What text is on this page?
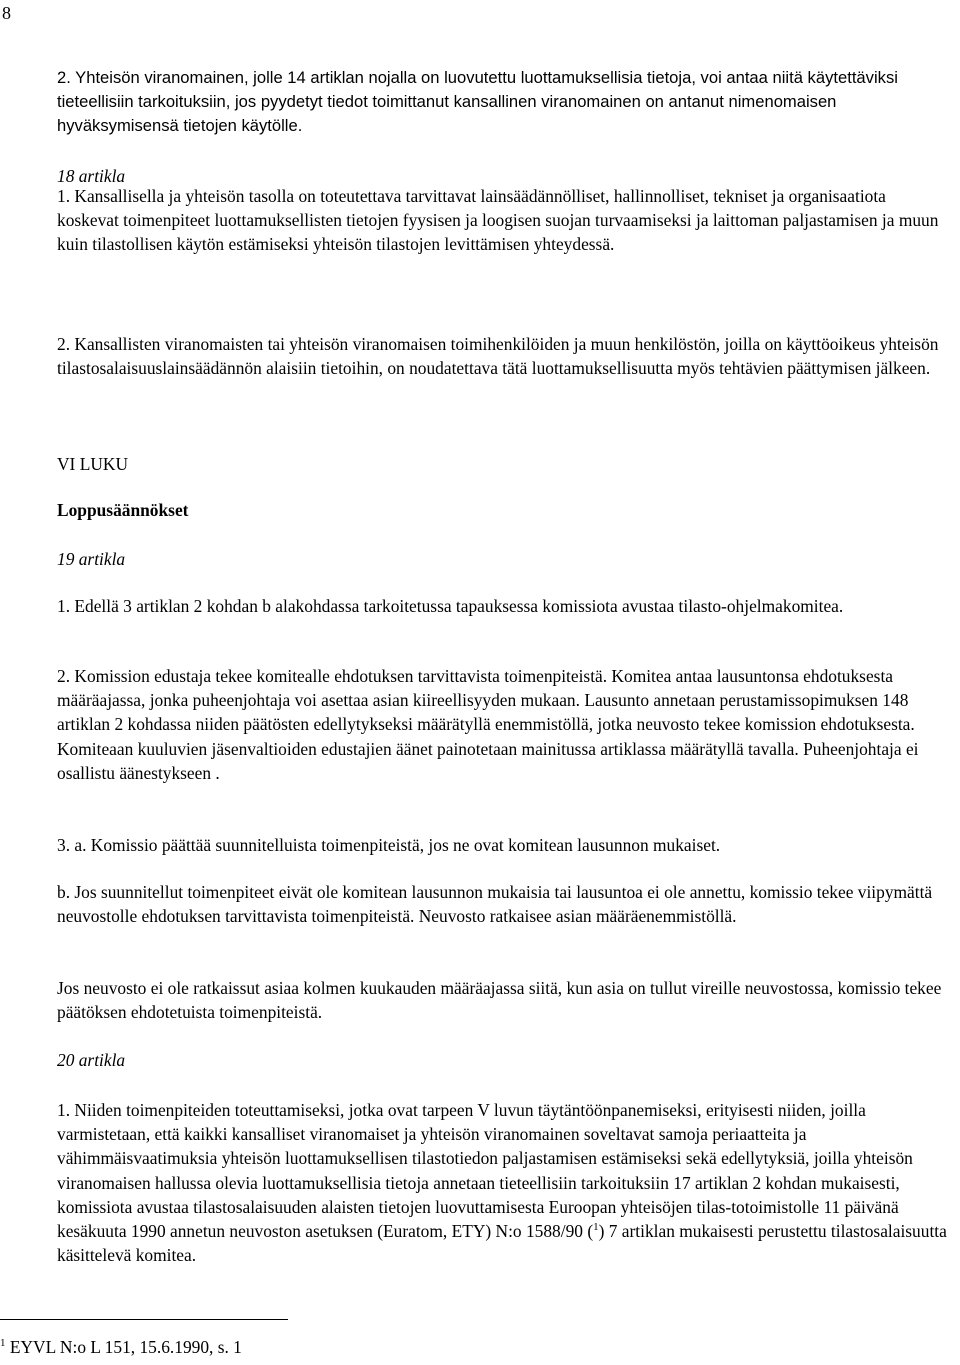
8

2. Yhteisön viranomainen, jolle 14 artiklan nojalla on luovutettu luottamuksellisia tietoja, voi antaa niitä käytettäviksi tieteellisiin tarkoituksiin, jos pyydetyt tiedot toimittanut kansallinen viranomainen on antanut nimenomaisen hyväksymisensä tietojen käytölle.

18 artikla

1. Kansallisella ja yhteisön tasolla on toteutettava tarvittavat lainsäädännölliset, hallinnolliset, tekniset ja organisaatiota koskevat toimenpiteet luottamuksellisten tietojen fyysisen ja loogisen suojan turvaamiseksi ja laittoman paljastamisen ja muun kuin tilastollisen käytön estämiseksi yhteisön tilastojen levittämisen yhteydessä.

2. Kansallisten viranomaisten tai yhteisön viranomaisen toimihenkilöiden ja muun henkilöstön, joilla on käyttöoikeus yhteisön tilastosalaisuuslainsäädännön alaisiin tietoihin, on noudatettava tätä luottamuksellisuutta myös tehtävien päättymisen jälkeen.

VI LUKU

Loppusäännökset

19 artikla

1. Edellä 3 artiklan 2 kohdan b alakohdassa tarkoitetussa tapauksessa komissiota avustaa tilasto-ohjelmakomitea.

2. Komission edustaja tekee komitealle ehdotuksen tarvittavista toimenpiteistä. Komitea antaa lausuntonsa ehdotuksesta määräajassa, jonka puheenjohtaja voi asettaa asian kiireellisyyden mukaan. Lausunto annetaan perustamissopimuksen 148 artiklan 2 kohdassa niiden päätösten edellytykseksi määrätyllä enemmistöllä, jotka neuvosto tekee komission ehdotuksesta. Komiteaan kuuluvien jäsenvaltioiden edustajien äänet painotetaan mainitussa artiklassa määrätyllä tavalla. Puheenjohtaja ei osallistu äänestykseen .

3. a. Komissio päättää suunnitelluista toimenpiteistä, jos ne ovat komitean lausunnon mukaiset.

b. Jos suunnitellut toimenpiteet eivät ole komitean lausunnon mukaisia tai lausuntoa ei ole annettu, komissio tekee viipymättä neuvostolle ehdotuksen tarvittavista toimenpiteistä. Neuvosto ratkaisee asian määräenemmistöllä.

Jos neuvosto ei ole ratkaissut asiaa kolmen kuukauden määräajassa siitä, kun asia on tullut vireille neuvostossa, komissio tekee päätöksen ehdotetuista toimenpiteistä.

20 artikla

1. Niiden toimenpiteiden toteuttamiseksi, jotka ovat tarpeen V luvun täytäntöönpanemiseksi, erityisesti niiden, joilla varmistetaan, että kaikki kansalliset viranomaiset ja yhteisön viranomainen soveltavat samoja periaatteita ja vähimmäisvaatimuksia yhteisön luottamuksellisen tilastotiedon paljastamisen estämiseksi sekä edellytyksiä, joilla yhteisön viranomaisen hallussa olevia luottamuksellisia tietoja annetaan tieteellisiin tarkoituksiin 17 artiklan 2 kohdan mukaisesti, komissiota avustaa tilastosalaisuuden alaisten tietojen luovuttamisesta Euroopan yhteisöjen tilas-totoimistolle 11 päivänä kesäkuuta 1990 annetun neuvoston asetuksen (Euratom, ETY) N:o 1588/90 ($^1$) 7 artiklan mukaisesti perustettu tilastosalaisuutta käsittelevä komitea.

$^1$ EYVL N:o L 151, 15.6.1990, s. 1
